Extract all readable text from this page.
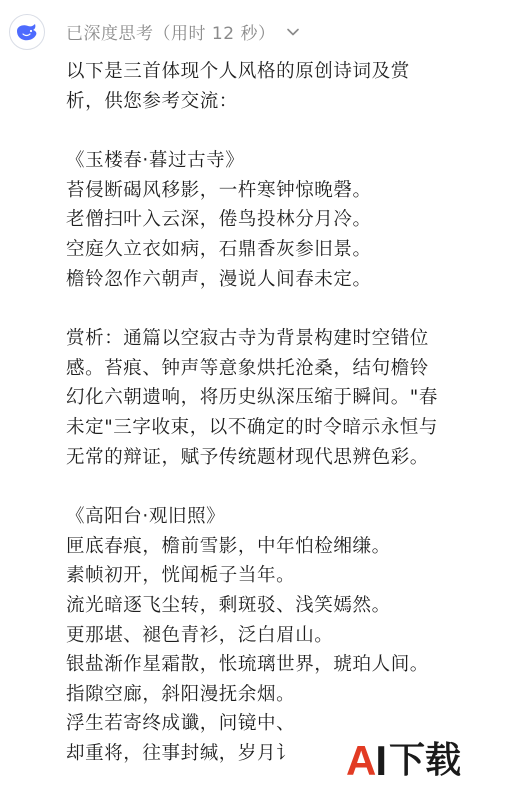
已深度思考（用时 12 秒）

以下是三首体现个人风格的原创诗词及赏
析，供您参考交流：

《玉楼春·暮过古寺》
苔侵断碣风移影，一杵寒钟惊晚磬。
老僧扫叶入云深，倦鸟投林分月冷。
空庭久立衣如病，石鼎香灰参旧景。
檐铃忽作六朝声，漫说人间春未定。

赏析：通篇以空寂古寺为背景构建时空错位
感。苔痕、钟声等意象烘托沧桑，结句檐铃
幻化六朝遗响，将历史纵深压缩于瞬间。"春
未定"三字收束，以不确定的时令暗示永恒与
无常的辩证，赋予传统题材现代思辨色彩。

《高阳台·观旧照》
匣底春痕，檐前雪影，中年怕检缃缣。
素帧初开，恍闻栀子当年。
流光暗逐飞尘转，剩斑驳、浅笑嫣然。
更那堪、褪色青衫，泛白眉山。
银盐渐作星霜散，怅琉璃世界，琥珀人间。
指隙空廊，斜阳漫抚余烟。
浮生若寄终成谶，问镜中、
却重将，往事封缄，岁月讠	A I 下载
